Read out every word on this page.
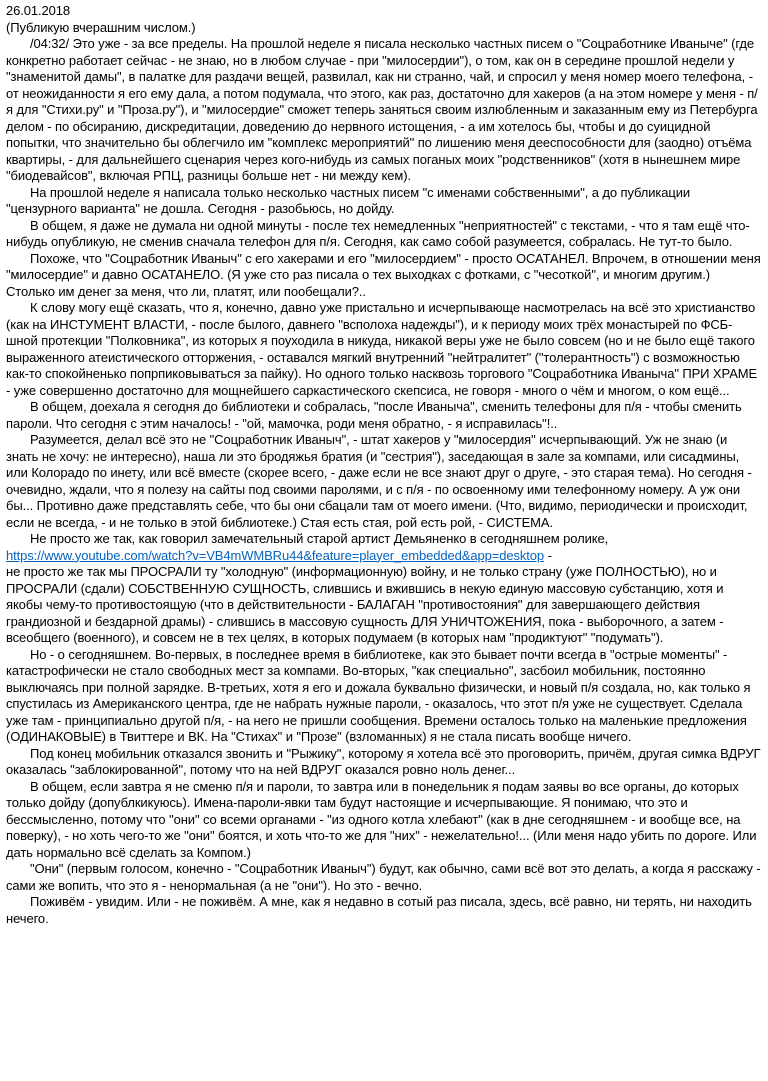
26.01.2018

(Публикую вчерашним числом.)

/04:32/ Это уже - за все пределы. На прошлой неделе я писала несколько частных писем о "Соцработнике Иваныче" (где конкретно работает сейчас - не знаю, но в любом случае - при "милосердии"), о том, как он в середине прошлой недели у "знаменитой дамы", в палатке для раздачи вещей, развилал, как ни странно, чай, и спросил у меня номер моего телефона, - от неожиданности я его ему дала, а потом подумала, что этого, как раз, достаточно для хакеров (а на этом номере у меня - п/я для "Стихи.ру" и "Проза.ру"), и "милосердие" сможет теперь заняться своим излюбленным и заказанным ему из Петербурга делом - по обсиранию, дискредитации, доведению до нервного истощения, - а им хотелось бы, чтобы и до суицидной попытки, что значительно бы облегчило им "комплекс мероприятий" по лишению меня дееспособности для (заодно) отъёма квартиры, - для дальнейшего сценария через кого-нибудь из самых поганых моих "родственников" (хотя в нынешнем мире "биодевайсов", включая РПЦ, разницы больше нет - ни между кем).

На прошлой неделе я написала только несколько частных писем "с именами собственными", а до публикации "цензурного варианта" не дошла. Сегодня - разобьюсь, но дойду.

В общем, я даже не думала ни одной минуты - после тех немедленных "неприятностей" с текстами, - что я там ещё что-нибудь опубликую, не сменив сначала телефон для п/я. Сегодня, как само собой разумеется, собралась. Не тут-то было.

Похоже, что "Соцработник Иваныч" с его хакерами и его "милосердием" - просто ОСАТАНЕЛ. Впрочем, в отношении меня "милосердие" и давно ОСАТАНЕЛО. (Я уже сто раз писала о тех выходках с фотками, с "чесоткой", и многим другим.) Столько им денег за меня, что ли, платят, или пообещали?..

К слову могу ещё сказать, что я, конечно, давно уже пристально и исчерпывающе насмотрелась на всё это христианство (как на ИНСТУМЕНТ ВЛАСТИ, - после былого, давнего "всполоха надежды"), и к периоду моих трёх монастырей по ФСБ-шной протекции "Полковника", из которых я поуходила в никуда, никакой веры уже не было совсем (но и не было ещё такого выраженного атеистического отторжения, - оставался мягкий внутренний "нейтралитет" ("толерантность") с возможностью как-то спокойненько попрпиковываться за пайку). Но одного только насквозь торгового "Соцработника Иваныча" ПРИ ХРАМЕ - уже совершенно достаточно для мощнейшего саркастического скепсиса, не говоря - много о чём и многом, о ком ещё...

В общем, доехала я сегодня до библиотеки и собралась, "после Иваныча", сменить телефоны для п/я - чтобы сменить пароли. Что сегодня с этим началось! - "ой, мамочка, роди меня обратно, - я исправилась"!..

Разумеется, делал всё это не "Соцработник Иваныч", - штат хакеров у "милосердия" исчерпывающий. Уж не знаю (и знать не хочу: не интересно), наша ли это бродяжья братия (и "сестрия"), заседающая в зале за компами, или сисадмины, или Колорадо по инету, или всё вместе (скорее всего, - даже если не все знают друг о друге, - это старая тема). Но сегодня - очевидно, ждали, что я полезу на сайты под своими паролями, и с п/я - по освоенному ими телефонному номеру. А уж они бы... Противно даже представлять себе, что бы они сбацали там от моего имени. (Что, видимо, периодически и происходит, если не всегда, - и не только в этой библиотеке.) Стая есть стая, рой есть рой, - СИСТЕМА.

Не просто же так, как говорил замечательный старой артист Демьяненко в сегодняшнем ролике,

https://www.youtube.com/watch?v=VB4mWMBRu44&feature=player_embedded&app=desktop -

не просто же так мы ПРОСРАЛИ ту "холодную" (информационную) войну, и не только страну (уже ПОЛНОСТЬЮ), но и ПРОСРАЛИ (сдали) СОБСТВЕННУЮ СУЩНОСТЬ, слившись и вжившись в некую единую массовую субстанцию, хотя и якобы чему-то противостоящую (что в действительности - БАЛАГАН "противостояния" для завершающего действия грандиозной и бездарной драмы) - слившись в массовую сущность ДЛЯ УНИЧТОЖЕНИЯ, пока - выборочного, а затем - всеобщего (военного), и совсем не в тех целях, в которых подумаем (в которых нам "продиктуют" "подумать").

Но - о сегодняшнем. Во-первых, в последнее время в библиотеке, как это бывает почти всегда в "острые моменты" - катастрофически не стало свободных мест за компами. Во-вторых, "как специально", засбоил мобильник, постоянно выключаясь при полной зарядке. В-третьих, хотя я его и дожала буквально физически, и новый п/я создала, но, как только я спустилась из Американского центра, где не набрать нужные пароли, - оказалось, что этот п/я уже не существует. Сделала уже там - принципиально другой п/я, - на него не пришли сообщения. Времени осталось только на маленькие предложения (ОДИНАКОВЫЕ) в Твиттере и ВК. На "Стихах" и "Прозе" (взломанных) я не стала писать вообще ничего.

Под конец мобильник отказался звонить и "Рыжику", которому я хотела всё это проговорить, причём, другая симка ВДРУГ оказалась "заблокированной", потому что на ней ВДРУГ оказался ровно ноль денег...

В общем, если завтра я не сменю п/я и пароли, то завтра или в понедельник я подам заявы во все органы, до которых только дойду (допублкикуюсь). Имена-пароли-явки там будут настоящие и исчерпывающие. Я понимаю, что это и бессмысленно, потому что "они" со всеми органами - "из одного котла хлебают" (как в дне сегодняшнем - и вообще все, на поверку), - но хоть чего-то же "они" боятся, и хоть что-то же для "них" - нежелательно!... (Или меня надо убить по дороге. Или дать нормально всё сделать за Компом.)

"Они" (первым голосом, конечно - "Соцработник Иваныч") будут, как обычно, сами всё вот это делать, а когда я расскажу - сами же вопить, что это я - ненормальная (а не "они"). Но это - вечно.

Поживём - увидим. Или - не поживём. А мне, как я недавно в сотый раз писала, здесь, всё равно, ни терять, ни находить нечего.
